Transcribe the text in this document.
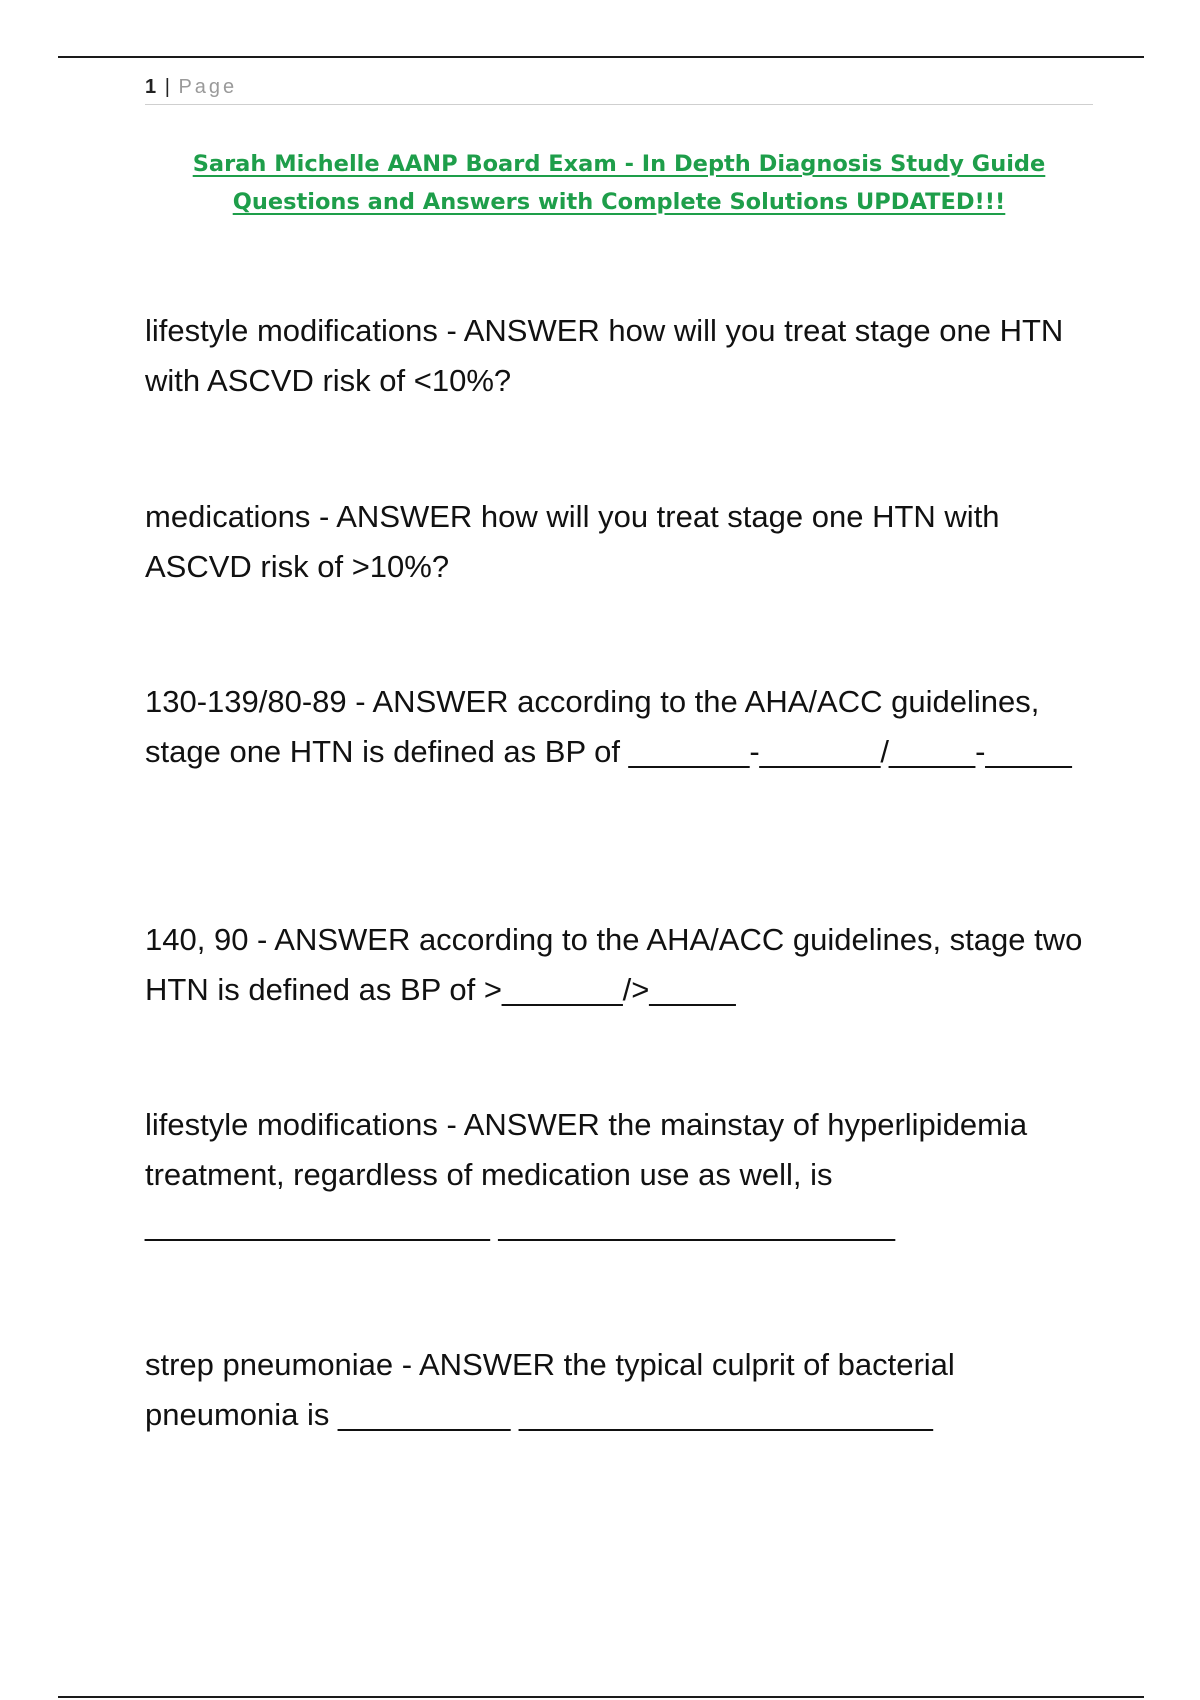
1 | Page
Sarah Michelle AANP Board Exam - In Depth Diagnosis Study Guide Questions and Answers with Complete Solutions UPDATED!!!
lifestyle modifications - ANSWER how will you treat stage one HTN with ASCVD risk of <10%?
medications - ANSWER how will you treat stage one HTN with ASCVD risk of >10%?
130-139/80-89 - ANSWER according to the AHA/ACC guidelines, stage one HTN is defined as BP of _______-_______/_____-_____
140, 90 - ANSWER according to the AHA/ACC guidelines, stage two HTN is defined as BP of >_______/>_____
lifestyle modifications - ANSWER the mainstay of hyperlipidemia treatment, regardless of medication use as well, is ____________________ _______________________
strep pneumoniae - ANSWER the typical culprit of bacterial pneumonia is __________ ________________________
